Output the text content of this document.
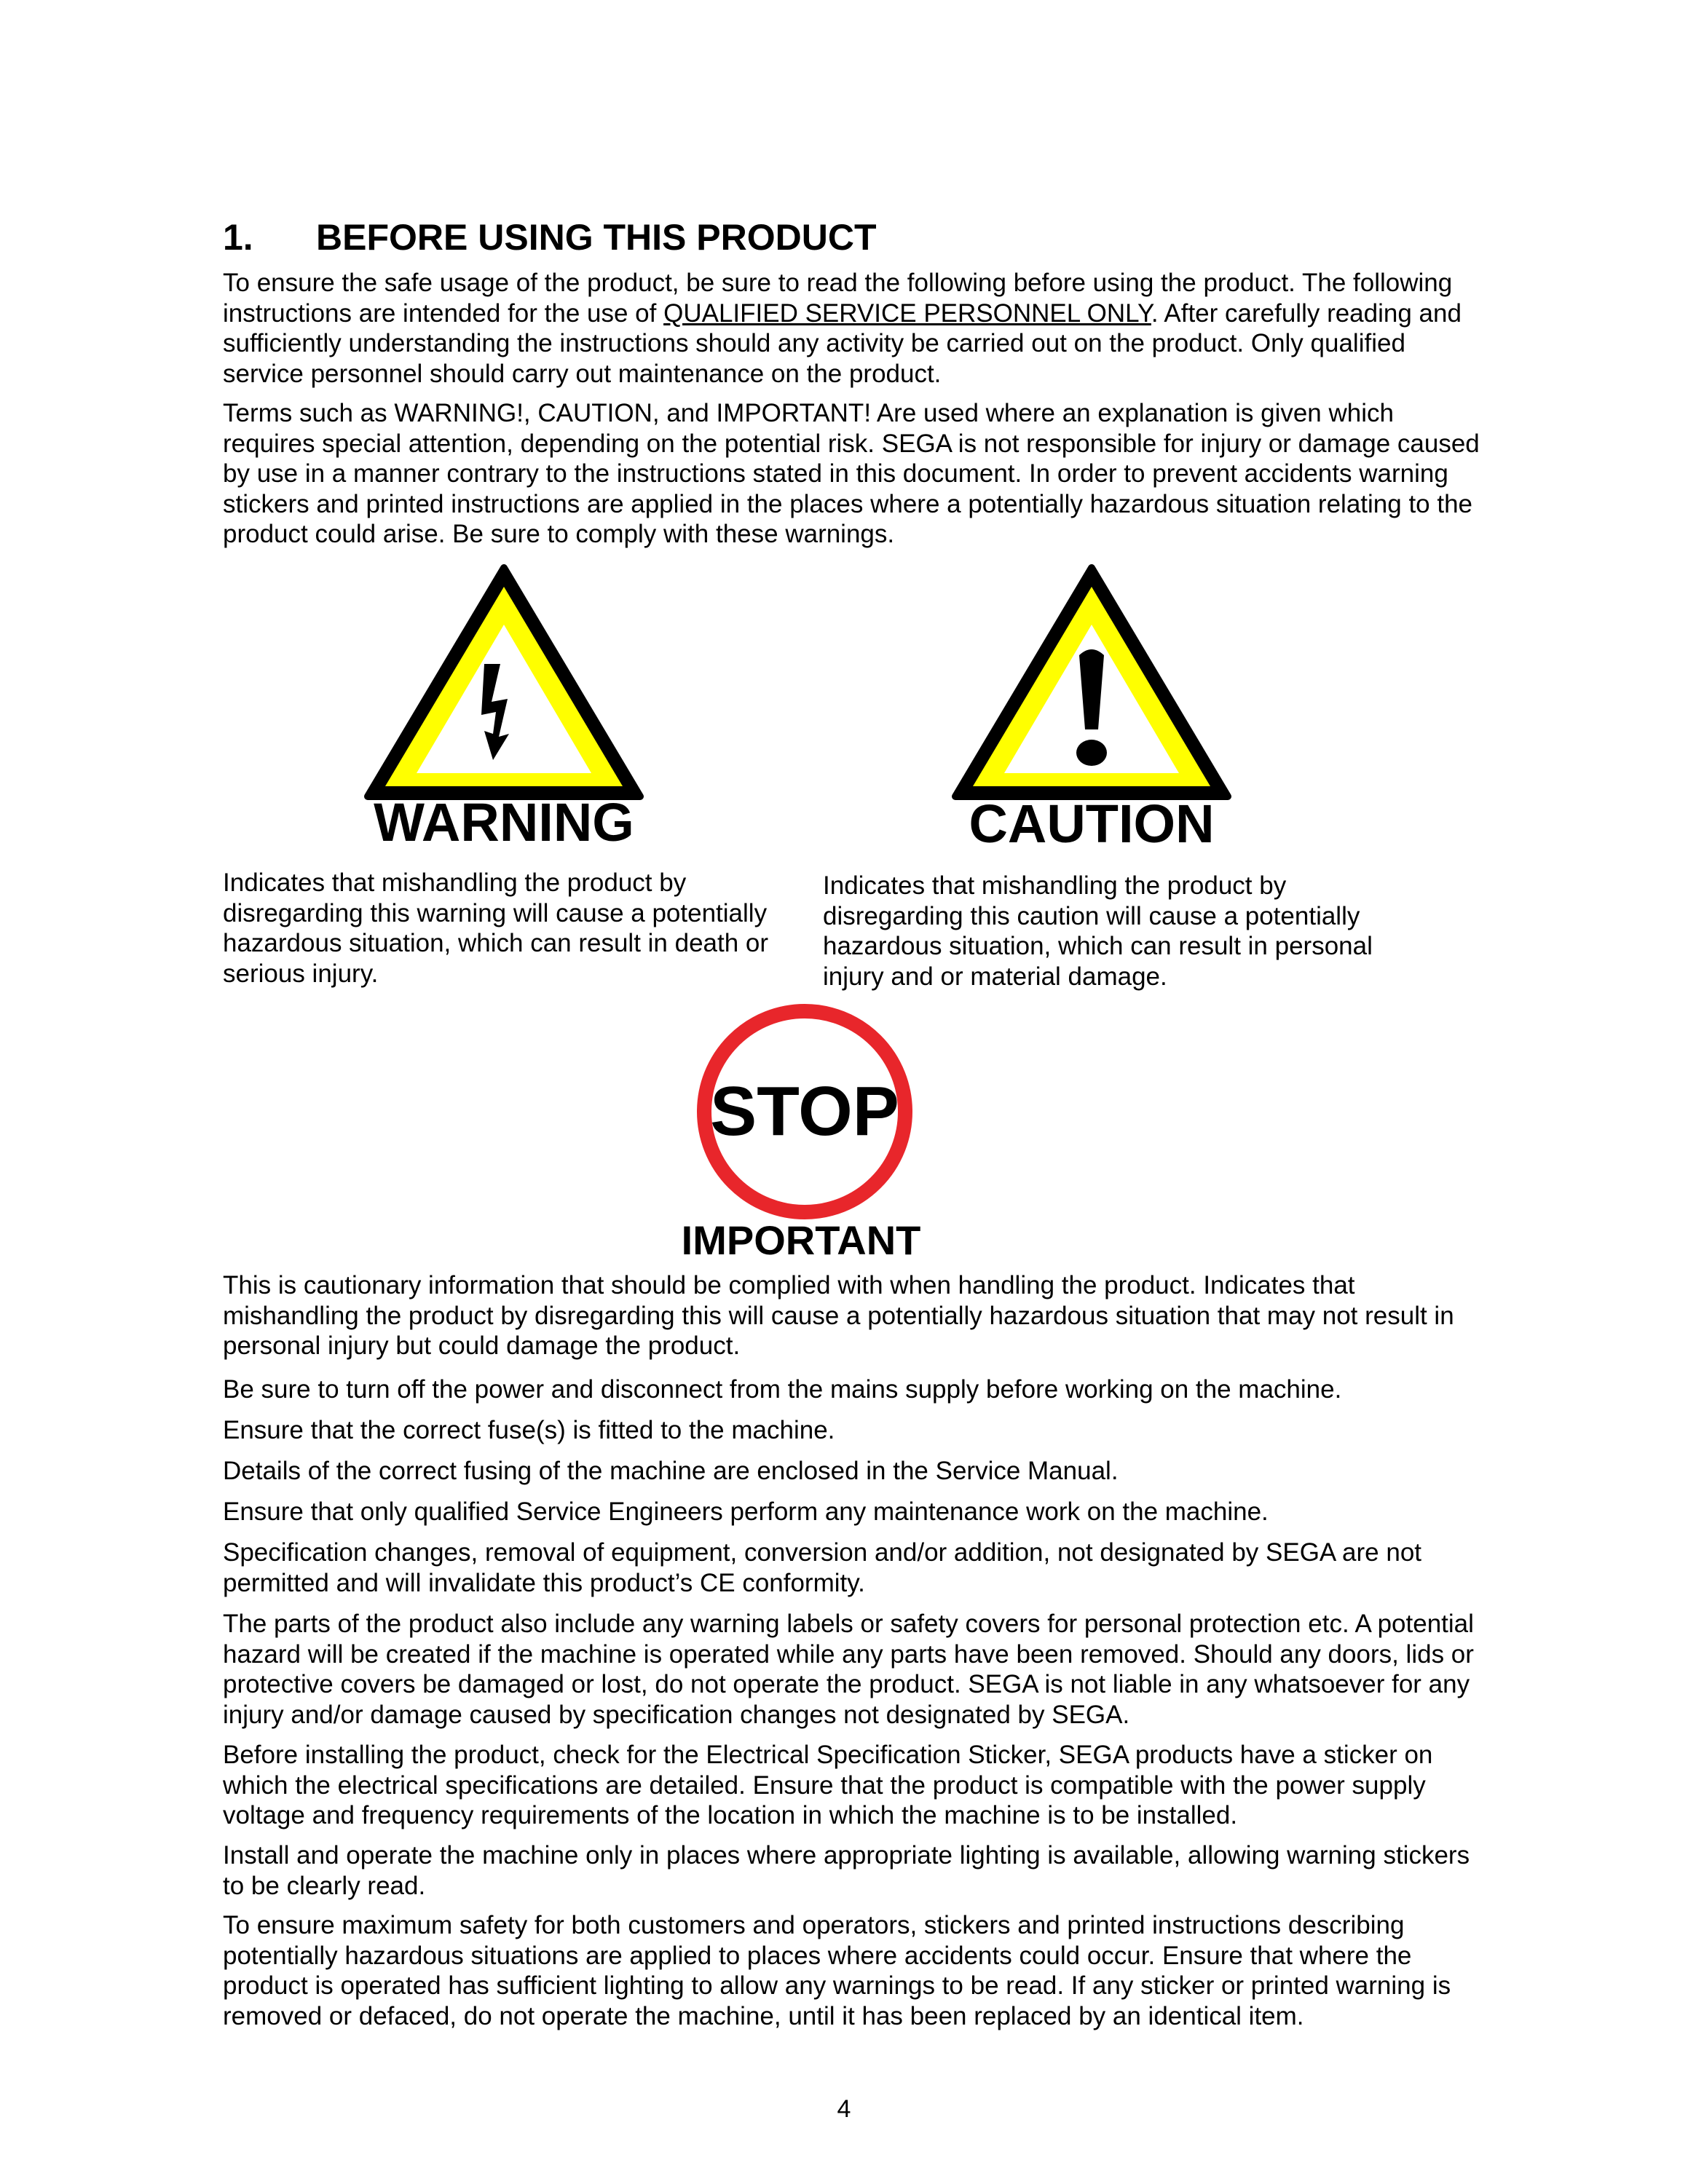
1. BEFORE USING THIS PRODUCT

To ensure the safe usage of the product, be sure to read the following before using the product. The following instructions are intended for the use of QUALIFIED SERVICE PERSONNEL ONLY. After carefully reading and sufficiently understanding the instructions should any activity be carried out on the product. Only qualified service personnel should carry out maintenance on the product.

Terms such as WARNING!, CAUTION, and IMPORTANT! Are used where an explanation is given which requires special attention, depending on the potential risk. SEGA is not responsible for injury or damage caused by use in a manner contrary to the instructions stated in this document. In order to prevent accidents warning stickers and printed instructions are applied in the places where a potentially hazardous situation relating to the product could arise. Be sure to comply with these warnings.

WARNING

Indicates that mishandling the product by disregarding this warning will cause a potentially hazardous situation, which can result in death or serious injury.

CAUTION

Indicates that mishandling the product by disregarding this caution will cause a potentially hazardous situation, which can result in personal injury and or material damage.

STOP

IMPORTANT

This is cautionary information that should be complied with when handling the product. Indicates that mishandling the product by disregarding this will cause a potentially hazardous situation that may not result in personal injury but could damage the product.

Be sure to turn off the power and disconnect from the mains supply before working on the machine.

Ensure that the correct fuse(s) is fitted to the machine.

Details of the correct fusing of the machine are enclosed in the Service Manual.

Ensure that only qualified Service Engineers perform any maintenance work on the machine.

Specification changes, removal of equipment, conversion and/or addition, not designated by SEGA are not permitted and will invalidate this product’s CE conformity.

The parts of the product also include any warning labels or safety covers for personal protection etc. A potential hazard will be created if the machine is operated while any parts have been removed. Should any doors, lids or protective covers be damaged or lost, do not operate the product. SEGA is not liable in any whatsoever for any injury and/or damage caused by specification changes not designated by SEGA.

Before installing the product, check for the Electrical Specification Sticker, SEGA products have a sticker on which the electrical specifications are detailed. Ensure that the product is compatible with the power supply voltage and frequency requirements of the location in which the machine is to be installed.

Install and operate the machine only in places where appropriate lighting is available, allowing warning stickers to be clearly read.

To ensure maximum safety for both customers and operators, stickers and printed instructions describing potentially hazardous situations are applied to places where accidents could occur. Ensure that where the product is operated has sufficient lighting to allow any warnings to be read. If any sticker or printed warning is removed or defaced, do not operate the machine, until it has been replaced by an identical item.

4
